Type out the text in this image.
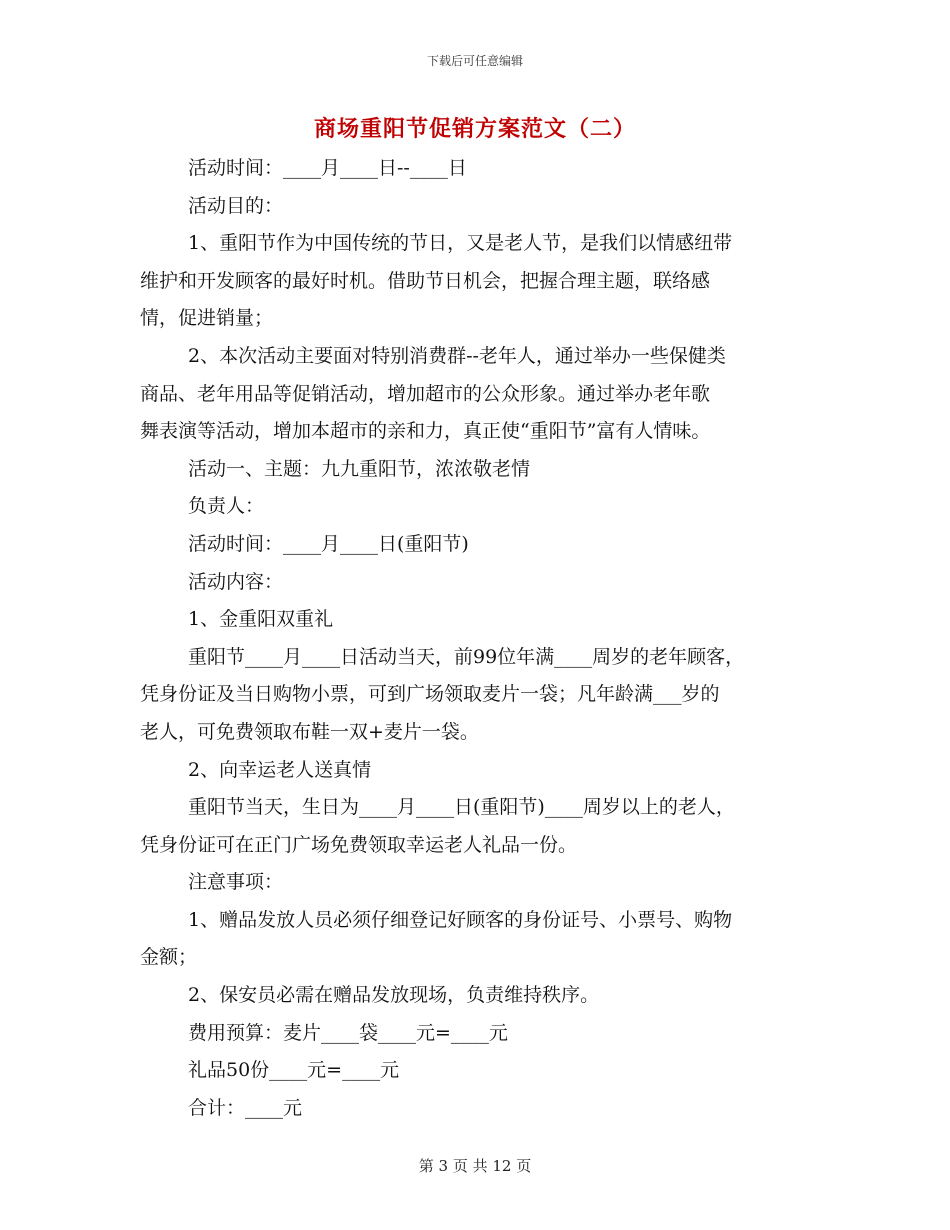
下载后可任意编辑
商场重阳节促销方案范文（二）
活动时间：____月____日--____日
活动目的：
1、重阳节作为中国传统的节日，又是老人节，是我们以情感纽带
维护和开发顾客的最好时机。借助节日机会，把握合理主题，联络感
情，促进销量；
2、本次活动主要面对特别消费群--老年人，通过举办一些保健类
商品、老年用品等促销活动，增加超市的公众形象。通过举办老年歌
舞表演等活动，增加本超市的亲和力，真正使“重阳节”富有人情味。
活动一、主题：九九重阳节，浓浓敬老情
负责人：
活动时间：____月____日(重阳节)
活动内容：
1、金重阳双重礼
重阳节____月____日活动当天，前99位年满____周岁的老年顾客，
凭身份证及当日购物小票，可到广场领取麦片一袋；凡年龄满___岁的
老人，可免费领取布鞋一双+麦片一袋。
2、向幸运老人送真情
重阳节当天，生日为____月____日(重阳节)____周岁以上的老人，
凭身份证可在正门广场免费领取幸运老人礼品一份。
注意事项：
1、赠品发放人员必须仔细登记好顾客的身份证号、小票号、购物
金额；
2、保安员必需在赠品发放现场，负责维持秩序。
费用预算：麦片____袋____元=____元
礼品50份____元=____元
合计：____元
第 3 页 共 12 页
